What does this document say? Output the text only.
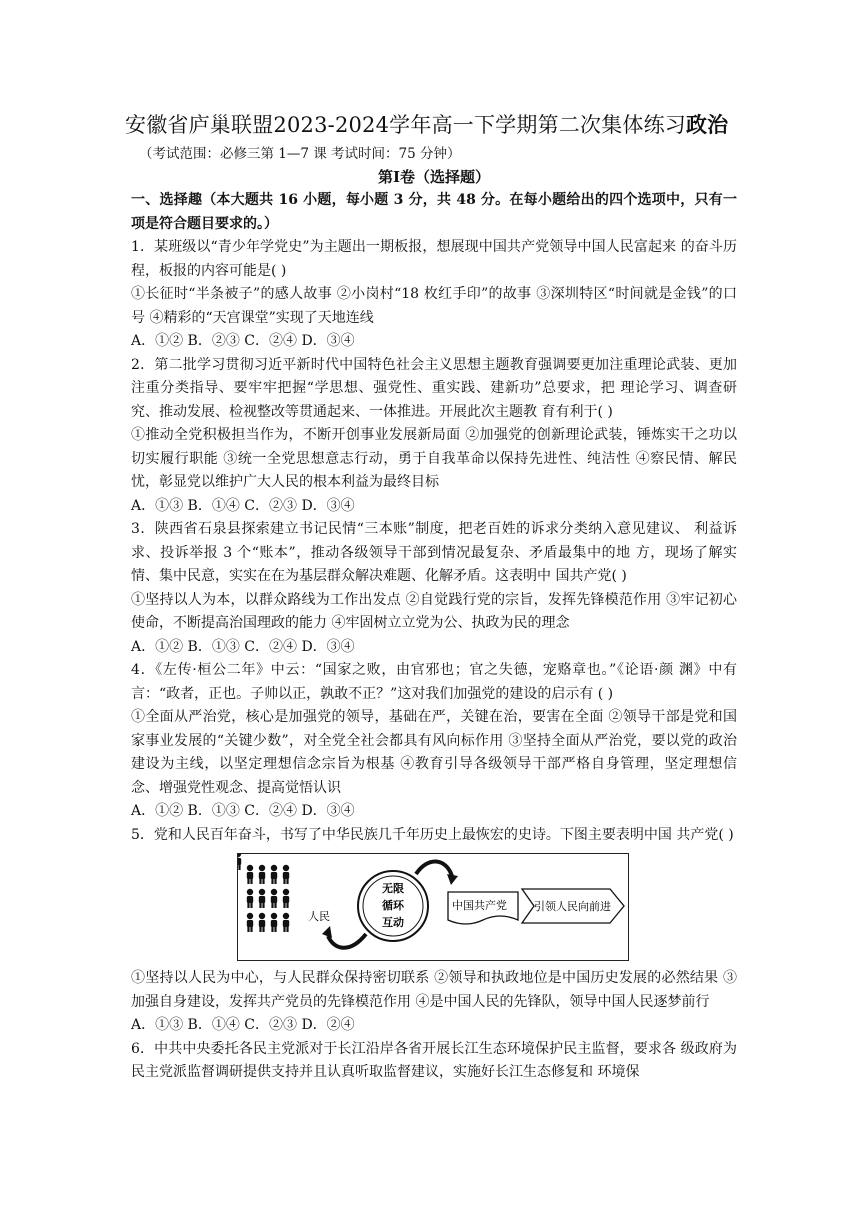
安徽省庐巢联盟2023-2024学年高一下学期第二次集体练习政治
（考试范围：必修三第 1—7 课 考试时间：75 分钟）
第Ⅰ卷（选择题）
一、选择趣（本大题共 16 小题，每小题 3 分，共 48 分。在每小题给出的四个选项中，只有一项是符合题目要求的。）

1．某班级以“青少年学党史”为主题出一期板报，想展现中国共产党领导中国人民富起来 的奋斗历程，板报的内容可能是( )

①长征时“半条被子”的感人故事 ②小岗村“18 枚红手印”的故事 ③深圳特区“时间就是金钱”的口号 ④精彩的“天宫课堂”实现了天地连线

A．①② B．②③ C．②④ D．③④

2．第二批学习贯彻习近平新时代中国特色社会主义思想主题教育强调要更加注重理论武装、更加注重分类指导、要牢牢把握“学思想、强党性、重实践、建新功”总要求，把 理论学习、调查研究、推动发展、检视整改等贯通起来、一体推进。开展此次主题教 育有利于( )

①推动全党积极担当作为，不断开创事业发展新局面 ②加强党的创新理论武装，锤炼实干之功以切实履行职能 ③统一全党思想意志行动，勇于自我革命以保持先进性、纯洁性 ④察民情、解民忧，彰显党以维护广大人民的根本利益为最终目标

A．①③ B．①④ C．②③ D．③④

3．陕西省石泉县探索建立书记民情“三本账”制度，把老百姓的诉求分类纳入意见建议、 利益诉求、投诉举报 3 个“账本”，推动各级领导干部到情况最复杂、矛盾最集中的地 方，现场了解实情、集中民意，实实在在为基层群众解决难题、化解矛盾。这表明中 国共产党( )

①坚持以人为本，以群众路线为工作出发点 ②自觉践行党的宗旨，发挥先锋模范作用 ③牢记初心使命，不断提高治国理政的能力 ④牢固树立立党为公、执政为民的理念

A．①② B．①③ C．②④ D．③④

4．《左传·桓公二年》中云：“国家之败，由官邪也；官之失德，宠赂章也。”《论语·颜 渊》中有言：“政者，正也。子帅以正，孰敢不正？”这对我们加强党的建设的启示有 ( )

①全面从严治党，核心是加强党的领导，基础在严，关键在治，要害在全面 ②领导干部是党和国家事业发展的“关键少数”，对全党全社会都具有风向标作用 ③坚持全面从严治党，要以党的政治建设为主线，以坚定理想信念宗旨为根基 ④教育引导各级领导干部严格自身管理，坚定理想信念、增强党性观念、提高觉悟认识

A．①② B．①③ C．②④ D．③④

5．党和人民百年奋斗，书写了中华民族几千年历史上最恢宏的史诗。下图主要表明中国 共产党( )

人民
无限
循环
互动
中国共产党 引领人民向前进

①坚持以人民为中心，与人民群众保持密切联系 ②领导和执政地位是中国历史发展的必然结果 ③加强自身建设，发挥共产党员的先锋模范作用 ④是中国人民的先锋队，领导中国人民逐梦前行

A．①③ B．①④ C．②③ D．②④

6．中共中央委托各民主党派对于长江沿岸各省开展长江生态环境保护民主监督，要求各 级政府为民主党派监督调研提供支持并且认真听取监督建议，实施好长江生态修复和 环境保
